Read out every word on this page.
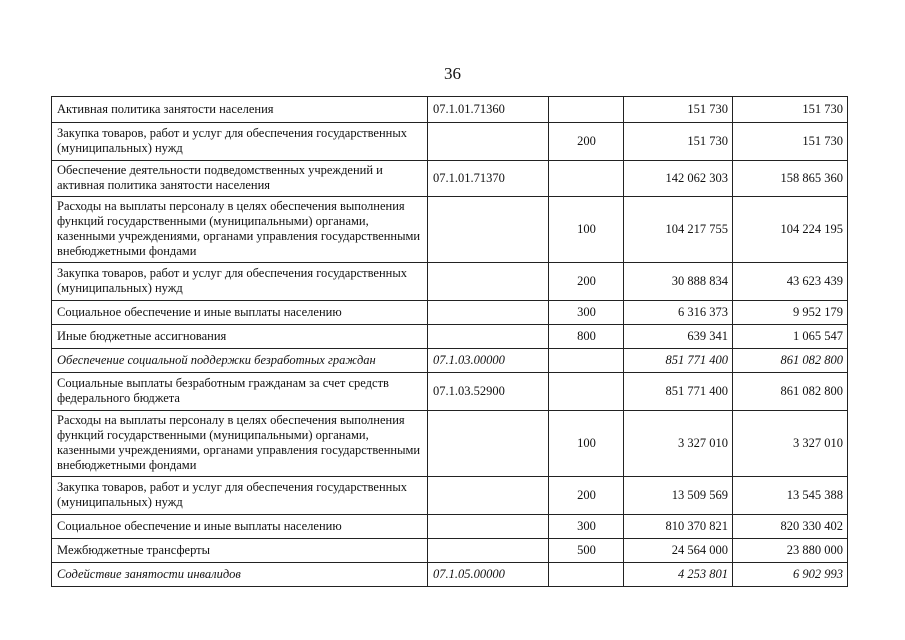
36
Активная политика занятости населения	07.1.01.71360		151 730	151 730
Закупка товаров, работ и услуг для обеспечения государственных (муниципальных) нужд		200	151 730	151 730
Обеспечение деятельности подведомственных учреждений и активная политика занятости населения	07.1.01.71370		142 062 303	158 865 360
Расходы на выплаты персоналу в целях обеспечения выполнения функций государственными (муниципальными) органами, казенными учреждениями, органами управления государственными внебюджетными фондами		100	104 217 755	104 224 195
Закупка товаров, работ и услуг для обеспечения государственных (муниципальных) нужд		200	30 888 834	43 623 439
Социальное обеспечение и иные выплаты населению		300	6 316 373	9 952 179
Иные бюджетные ассигнования		800	639 341	1 065 547
Обеспечение социальной поддержки безработных граждан	07.1.03.00000		851 771 400	861 082 800
Социальные выплаты безработным гражданам за счет средств федерального бюджета	07.1.03.52900		851 771 400	861 082 800
Расходы на выплаты персоналу в целях обеспечения выполнения функций государственными (муниципальными) органами, казенными учреждениями, органами управления государственными внебюджетными фондами		100	3 327 010	3 327 010
Закупка товаров, работ и услуг для обеспечения государственных (муниципальных) нужд		200	13 509 569	13 545 388
Социальное обеспечение и иные выплаты населению		300	810 370 821	820 330 402
Межбюджетные трансферты		500	24 564 000	23 880 000
Содействие занятости инвалидов	07.1.05.00000		4 253 801	6 902 993
